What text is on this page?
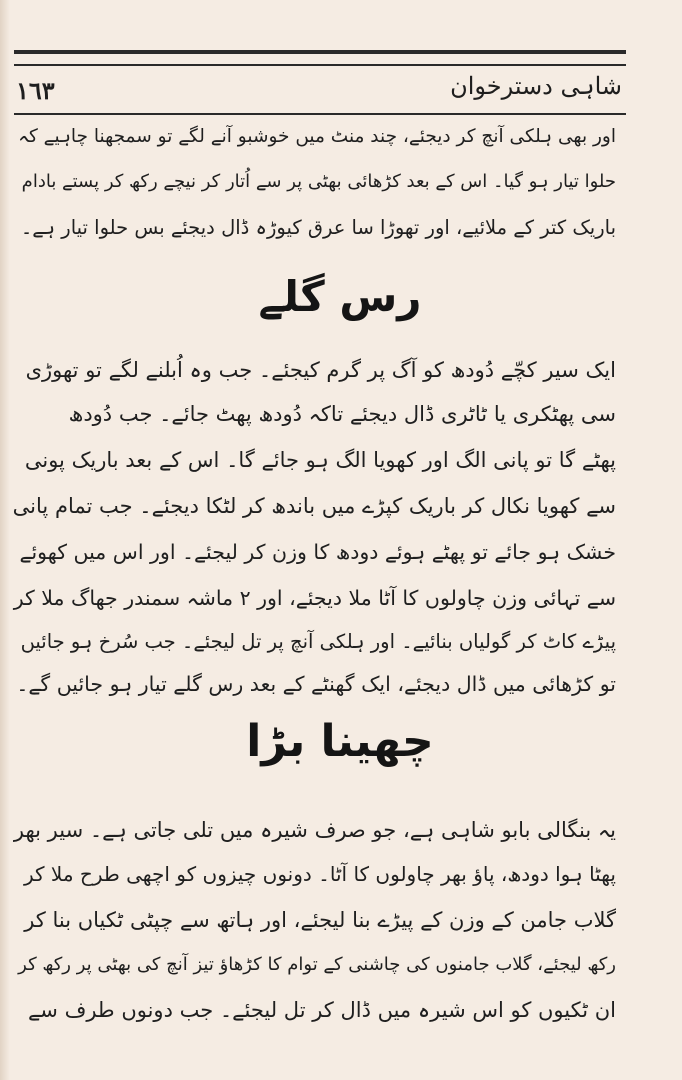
١٦٣	شاہی دسترخوان
اور بھی ہلکی آنچ کر دیجئے، چند منٹ میں خوشبو آنے لگے تو سمجھنا چاہیے کہ
حلوا تیار ہو گیا۔ اس کے بعد کڑھائی بھٹی پر سے اُتار کر نیچے رکھ کر پستے بادام
باریک کتر کے ملائیے، اور تھوڑا سا عرق کیوڑہ ڈال دیجئے بس حلوا تیار ہے۔
رس گلے
ایک سیر کچّے دُودھ کو آگ پر گرم کیجئے۔ جب وہ اُبلنے لگے تو تھوڑی
سی پھٹکری یا ٹاٹری ڈال دیجئے تاکہ دُودھ پھٹ جائے۔ جب دُودھ
پھٹے گا تو پانی الگ اور کھویا الگ ہو جائے گا۔ اس کے بعد باریک پونی
سے کھویا نکال کر باریک کپڑے میں باندھ کر لٹکا دیجئے۔ جب تمام پانی
خشک ہو جائے تو پھٹے ہوئے دودھ کا وزن کر لیجئے۔ اور اس میں کھوئے
سے تہائی وزن چاولوں کا آٹا ملا دیجئے، اور ۲ ماشہ سمندر جھاگ ملا کر
پیڑے کاٹ کر گولیاں بنائیے۔ اور ہلکی آنچ پر تل لیجئے۔ جب سُرخ ہو جائیں
تو کڑھائی میں ڈال دیجئے، ایک گھنٹے کے بعد رس گلے تیار ہو جائیں گے۔
چھینا بڑا
یہ بنگالی بابو شاہی ہے، جو صرف شیرہ میں تلی جاتی ہے۔ سیر بھر
پھٹا ہوا دودھ، پاؤ بھر چاولوں کا آٹا۔ دونوں چیزوں کو اچھی طرح ملا کر
گلاب جامن کے وزن کے پیڑے بنا لیجئے، اور ہاتھ سے چپٹی ٹکیاں بنا کر
رکھ لیجئے، گلاب جامنوں کی چاشنی کے توام کا کڑھاؤ تیز آنچ کی بھٹی پر رکھ کر
ان ٹکیوں کو اس شیرہ میں ڈال کر تل لیجئے۔ جب دونوں طرف سے
